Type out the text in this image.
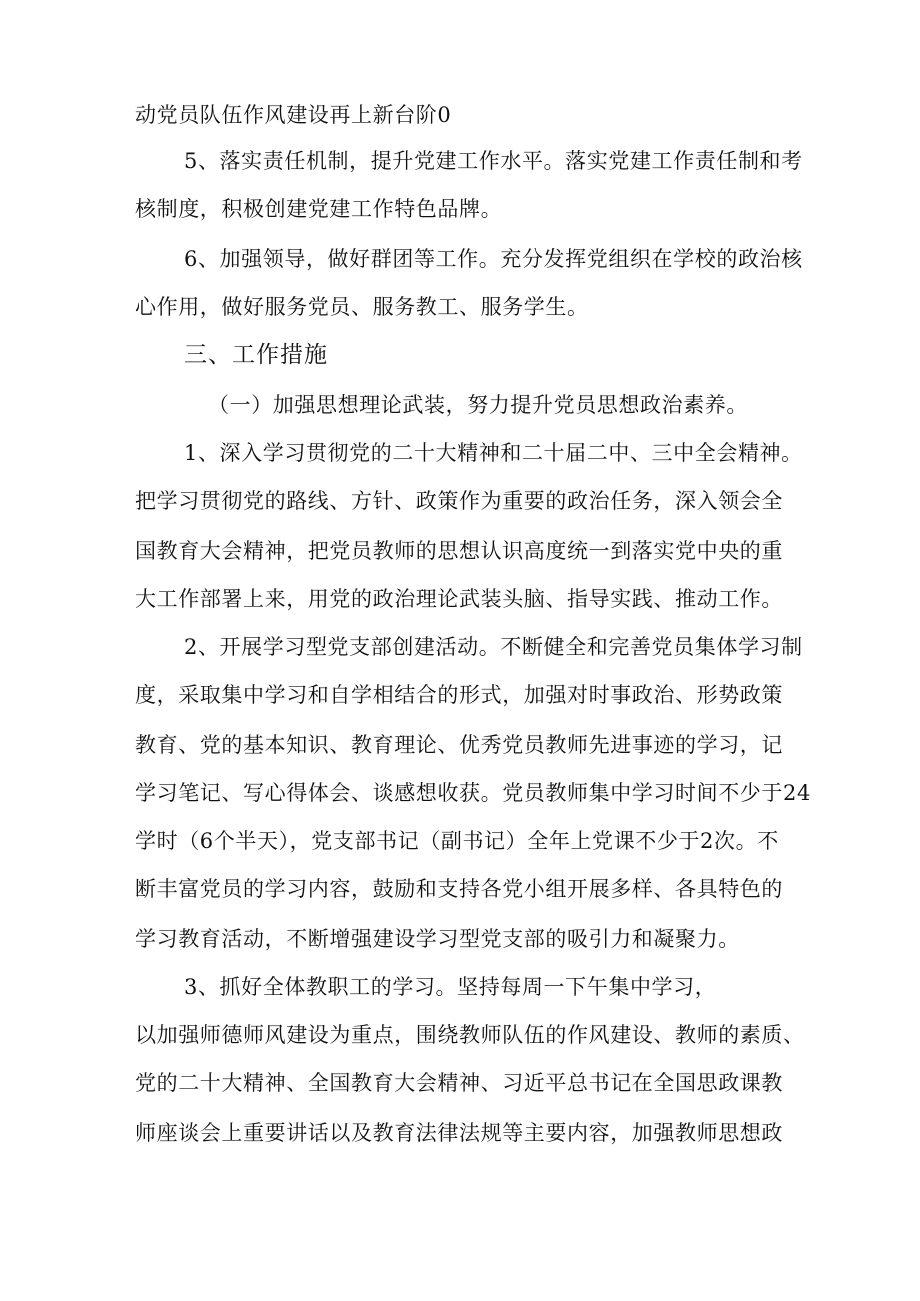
动党员队伍作风建设再上新台阶0
5、落实责任机制，提升党建工作水平。落实党建工作责任制和考
核制度，积极创建党建工作特色品牌。
6、加强领导，做好群团等工作。充分发挥党组织在学校的政治核
心作用，做好服务党员、服务教工、服务学生。
三、工作措施
（一）加强思想理论武装，努力提升党员思想政治素养。
1、深入学习贯彻党的二十大精神和二十届二中、三中全会精神。
把学习贯彻党的路线、方针、政策作为重要的政治任务，深入领会全
国教育大会精神，把党员教师的思想认识高度统一到落实党中央的重
大工作部署上来，用党的政治理论武装头脑、指导实践、推动工作。
2、开展学习型党支部创建活动。不断健全和完善党员集体学习制
度，采取集中学习和自学相结合的形式，加强对时事政治、形势政策
教育、党的基本知识、教育理论、优秀党员教师先进事迹的学习，记
学习笔记、写心得体会、谈感想收获。党员教师集中学习时间不少于24
学时（6个半天），党支部书记（副书记）全年上党课不少于2次。不
断丰富党员的学习内容，鼓励和支持各党小组开展多样、各具特色的
学习教育活动，不断增强建设学习型党支部的吸引力和凝聚力。
3、抓好全体教职工的学习。坚持每周一下午集中学习，
以加强师德师风建设为重点，围绕教师队伍的作风建设、教师的素质、
党的二十大精神、全国教育大会精神、习近平总书记在全国思政课教
师座谈会上重要讲话以及教育法律法规等主要内容，加强教师思想政
